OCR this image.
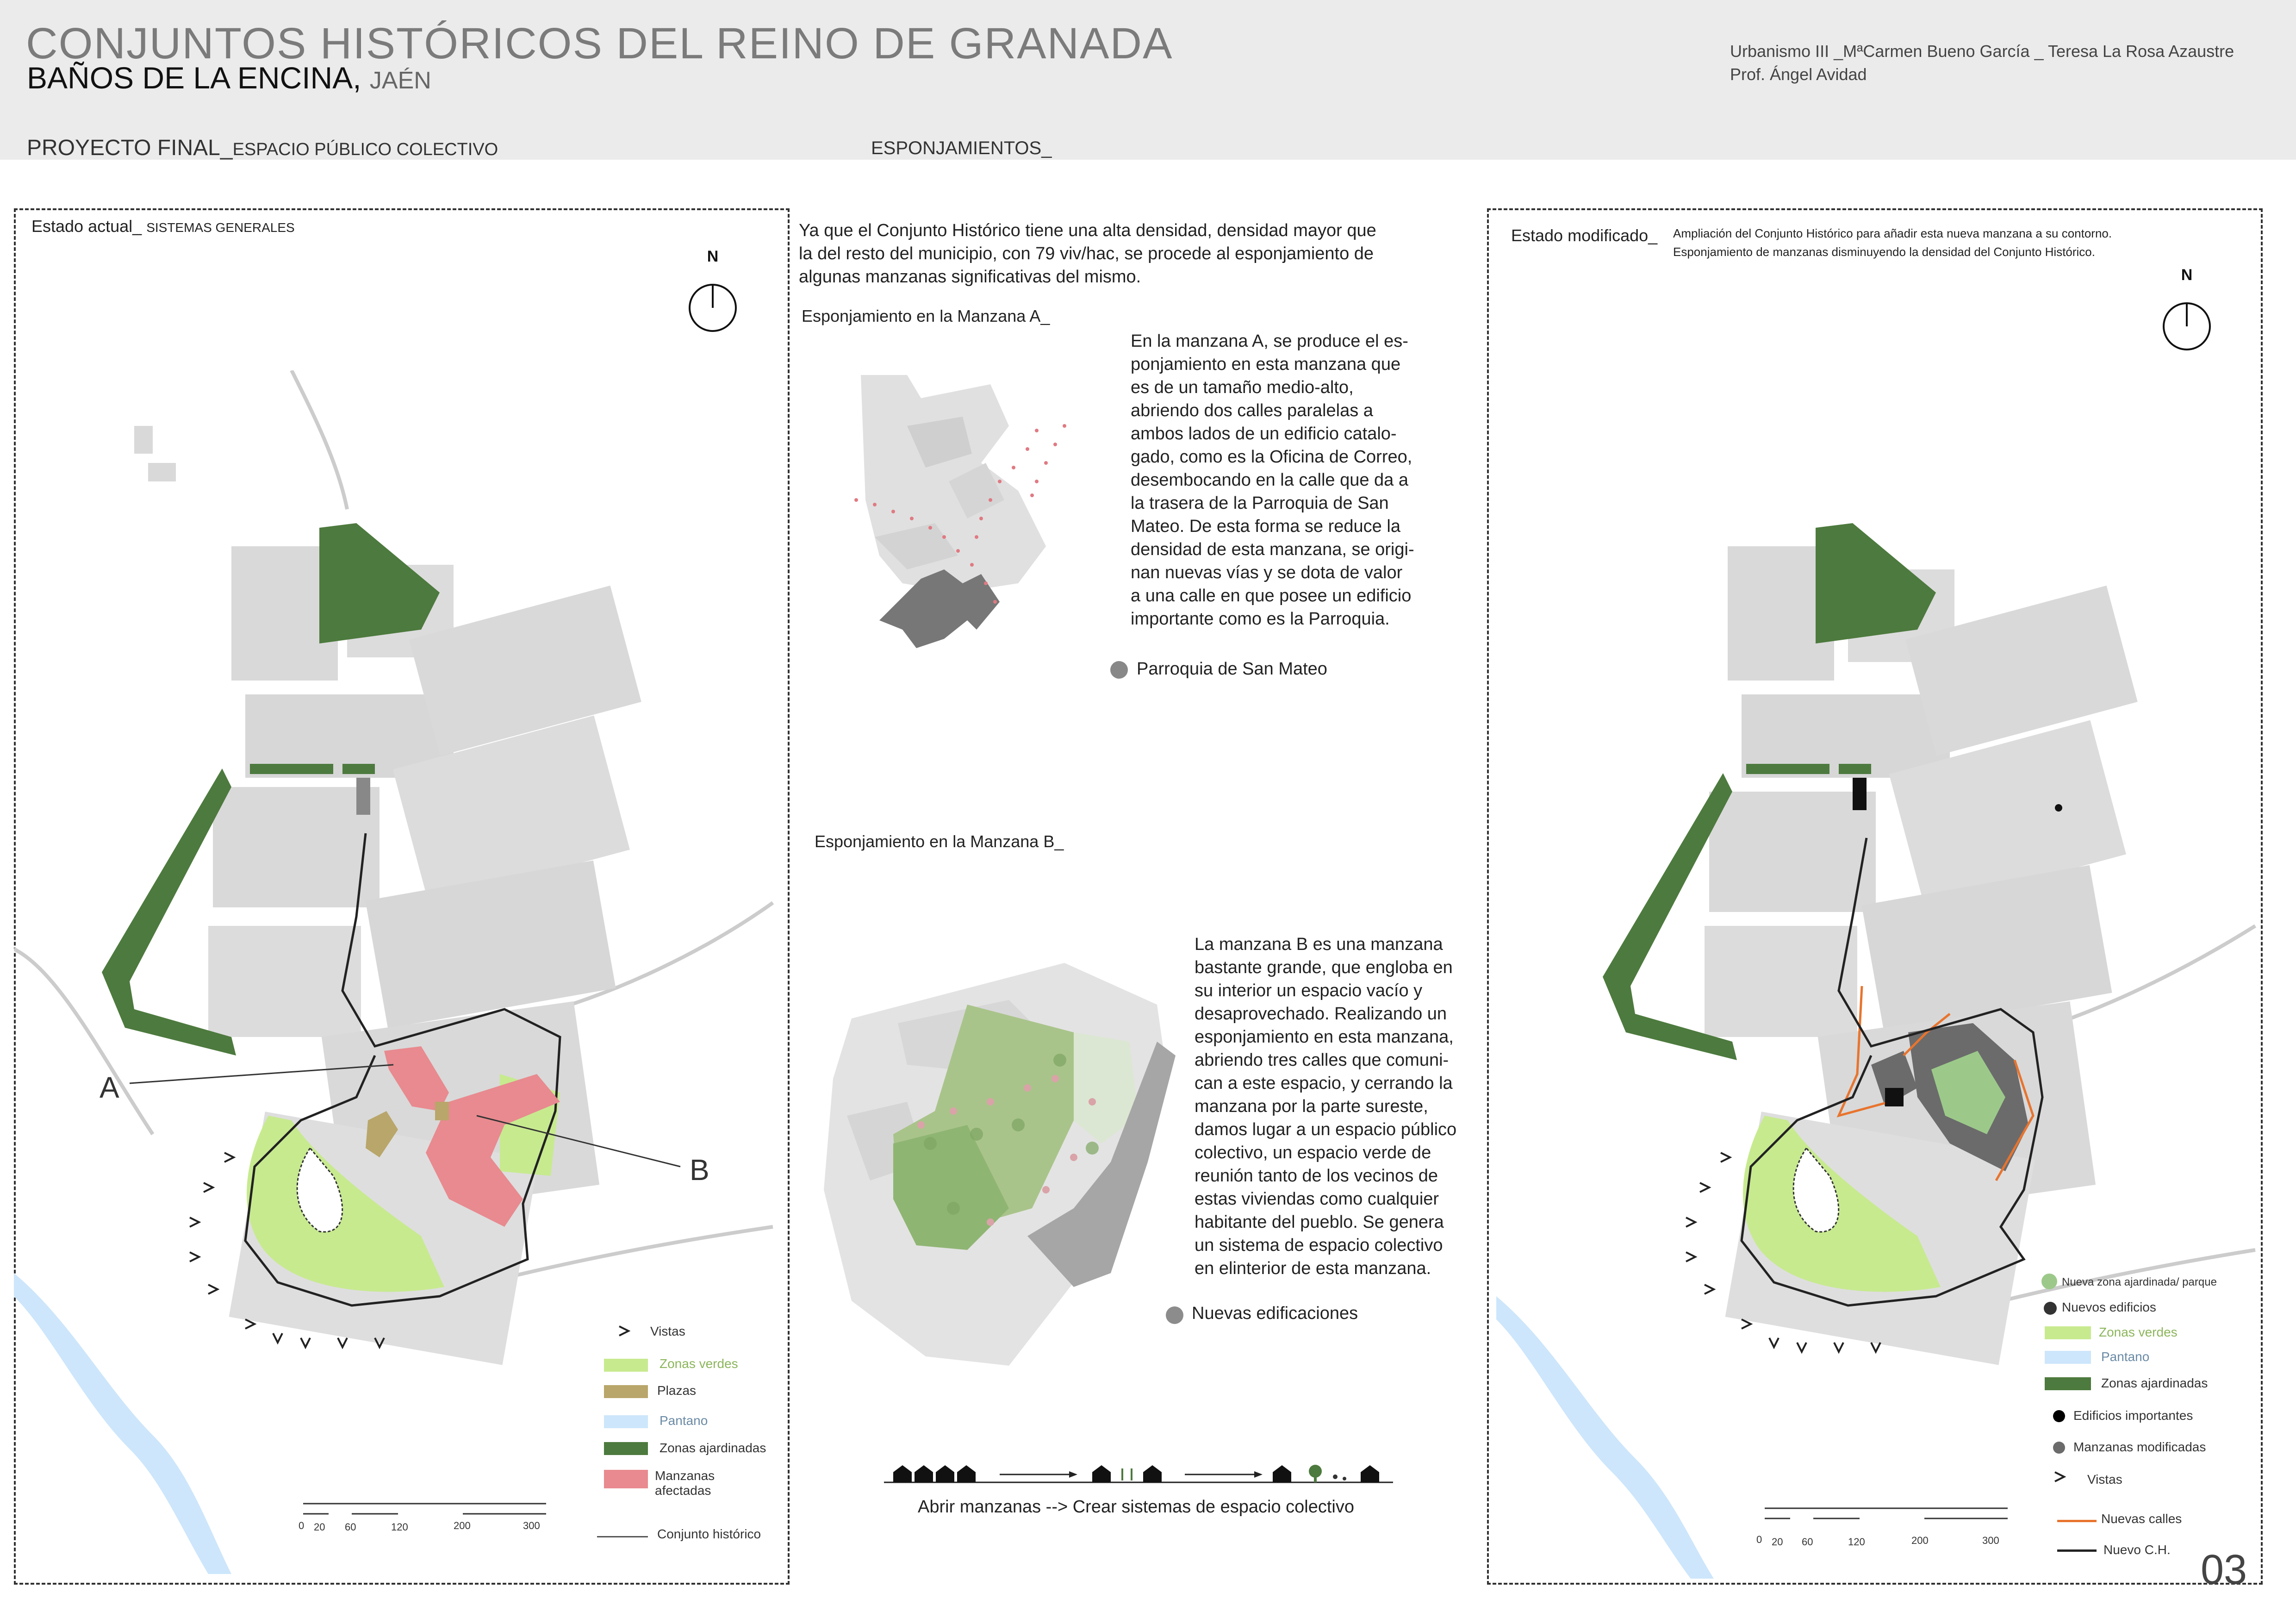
CONJUNTOS HISTÓRICOS DEL REINO DE GRANADA
BAÑOS DE LA ENCINA, JAÉN
PROYECTO FINAL_ESPACIO PÚBLICO COLECTIVO	ESPONJAMIENTOS_
Urbanismo III _MªCarmen Bueno García _ Teresa La Rosa Azaustre
Prof. Ángel Avidad
Estado actual_ SISTEMAS GENERALES
N
A
B
Vistas
Zonas verdes
Plazas
Pantano
Zonas ajardinadas
Manzanas afectadas
Conjunto histórico
0 20 60	120	200	300
Ya que el Conjunto Histórico tiene una alta densidad, densidad mayor que
la del resto del municipio, con 79 viv/hac, se procede al esponjamiento de
algunas manzanas significativas del mismo.
Esponjamiento en la Manzana A_
En la manzana A, se produce el es-
ponjamiento en esta manzana que
es de un tamaño medio-alto,
abriendo dos calles paralelas a
ambos lados de un edificio catalo-
gado, como es la Oficina de Correo,
desembocando en la calle que da a
la trasera de la Parroquia de San
Mateo. De esta forma se reduce la
densidad de esta manzana, se origi-
nan nuevas vías y se dota de valor
a una calle en que posee un edificio
importante como es la Parroquia.
Parroquia de San Mateo
Esponjamiento en la Manzana B_
La manzana B es una manzana
bastante grande, que engloba en
su interior un espacio vacío y
desaprovechado. Realizando un
esponjamiento en esta manzana,
abriendo tres calles que comuni-
can a este espacio, y cerrando la
manzana por la parte sureste,
damos lugar a un espacio público
colectivo, un espacio verde de
reunión tanto de los vecinos de
estas viviendas como cualquier
habitante del pueblo. Se genera
un sistema de espacio colectivo
en elinterior de esta manzana.
Nuevas edificaciones
Abrir manzanas --> Crear sistemas de espacio colectivo
Estado modificado_ Ampliación del Conjunto Histórico para añadir esta nueva manzana a su contorno.
Esponjamiento de manzanas disminuyendo la densidad del Conjunto Histórico.
N
Nueva zona ajardinada/ parque
Nuevos edificios
Zonas verdes
Pantano
Zonas ajardinadas
Edificios importantes
Manzanas modificadas
Vistas
Nuevas calles
Nuevo C.H.
0 20 60	120	200	300
03
